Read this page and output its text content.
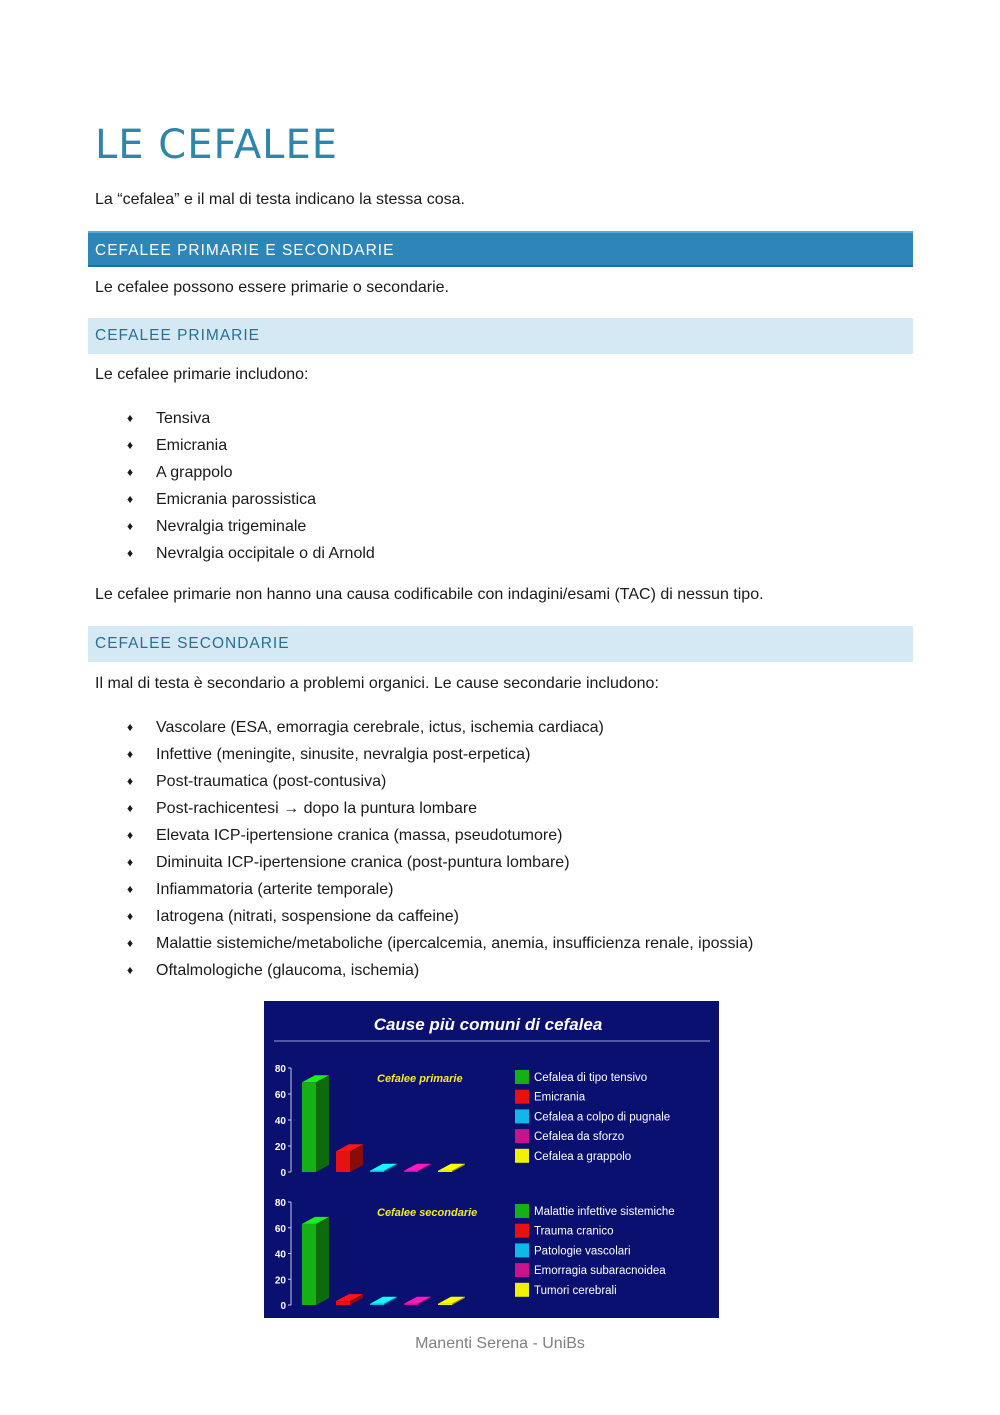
LE CEFALEE

La “cefalea” e il mal di testa indicano la stessa cosa.

CEFALEE PRIMARIE E SECONDARIE

Le cefalee possono essere primarie o secondarie.

CEFALEE PRIMARIE

Le cefalee primarie includono:

♦ Tensiva
♦ Emicrania
♦ A grappolo
♦ Emicrania parossistica
♦ Nevralgia trigeminale
♦ Nevralgia occipitale o di Arnold

Le cefalee primarie non hanno una causa codificabile con indagini/esami (TAC) di nessun tipo.

CEFALEE SECONDARIE

Il mal di testa è secondario a problemi organici. Le cause secondarie includono:

♦ Vascolare (ESA, emorragia cerebrale, ictus, ischemia cardiaca)
♦ Infettive (meningite, sinusite, nevralgia post-erpetica)
♦ Post-traumatica (post-contusiva)
♦ Post-rachicentesi → dopo la puntura lombare
♦ Elevata ICP-ipertensione cranica (massa, pseudotumore)
♦ Diminuita ICP-ipertensione cranica (post-puntura lombare)
♦ Infiammatoria (arterite temporale)
♦ Iatrogena (nitrati, sospensione da caffeine)
♦ Malattie sistemiche/metaboliche (ipercalcemia, anemia, insufficienza renale, ipossia)
♦ Oftalmologiche (glaucoma, ischemia)
Cause più comuni di cefalea
0
20
40
60
80
Cefalee primarie	Cefalea di tipo tensivo
Emicrania
Cefalea a colpo di pugnale
Cefalea da sforzo
Cefalea a grappolo
0
20
40
60
80
Cefalee secondarie	Malattie infettive sistemiche
Trauma cranico
Patologie vascolari
Emorragia subaracnoidea
Tumori cerebrali
Manenti Serena - UniBs
